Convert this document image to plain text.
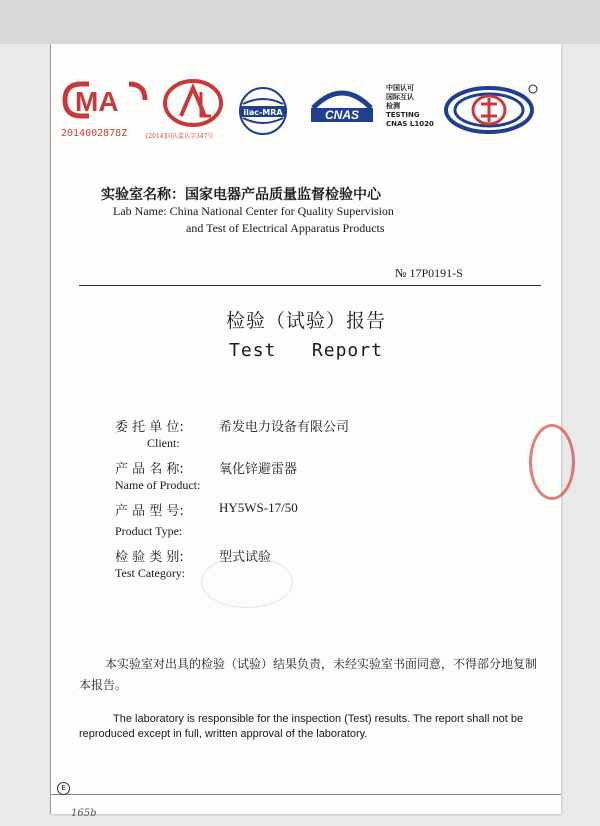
MA
2014002878Z	[2014]国认监认字347号
ilac-MRA	CNAS
中国认可
国际互认
检测
TESTING
CNAS L1020
实验室名称：国家电器产品质量监督检验中心
Lab Name: China National Center for Quality Supervision
and Test of Electrical Apparatus Products
№ 17P0191-S
检验（试验）报告
Test   Report
委 托 单 位:	希发电力设备有限公司
Client:
产 品 名 称:	氧化锌避雷器
Name of Product:
产 品 型 号:	HY5WS-17/50
Product Type:
检 验 类 别:	型式试验
Test Category:
本实验室对出具的检验（试验）结果负责，未经实验室书面同意，不得部分地复制本报告。
The laboratory is responsible for the inspection (Test) results. The report shall not be reproduced except in full, written approval of the laboratory.
E
165b
